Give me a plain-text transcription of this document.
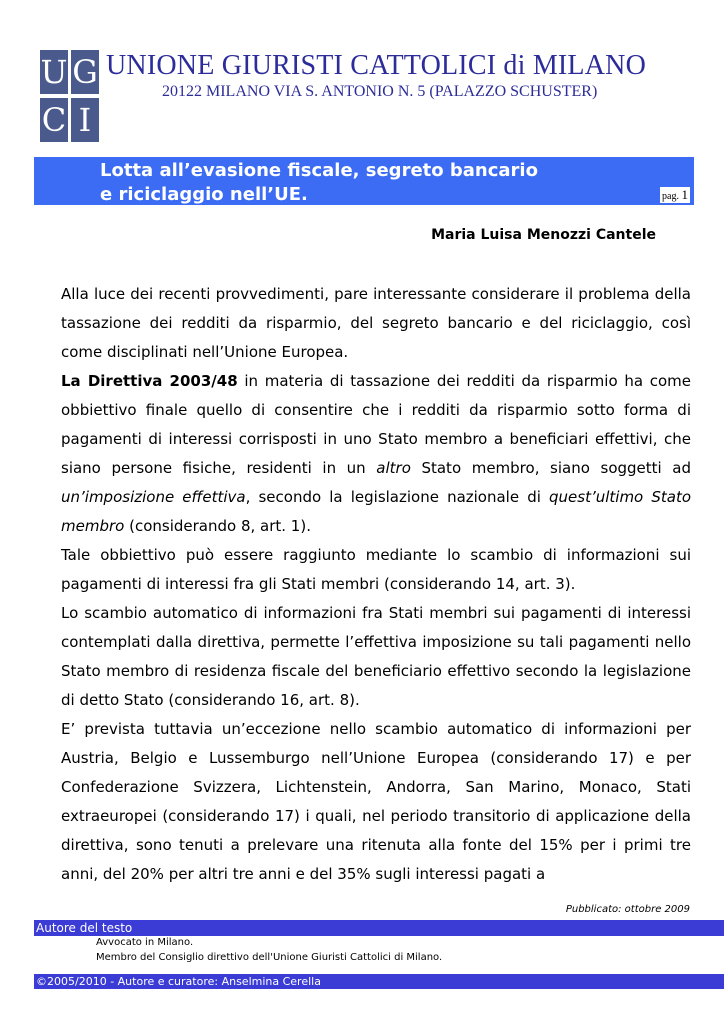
U G
C I
UNIONE GIURISTI CATTOLICI di MILANO
20122 MILANO VIA S. ANTONIO N. 5 (PALAZZO SCHUSTER)
Lotta all’evasione fiscale, segreto bancario
e riciclaggio nell’UE.	pag. 1
Maria Luisa Menozzi Cantele

Alla luce dei recenti provvedimenti, pare interessante considerare il problema della tassazione dei redditi da risparmio, del segreto bancario e del riciclaggio, così come disciplinati nell’Unione Europea.

La Direttiva 2003/48 in materia di tassazione dei redditi da risparmio ha come obbiettivo finale quello di consentire che i redditi da risparmio sotto forma di pagamenti di interessi corrisposti in uno Stato membro a beneficiari effettivi, che siano persone fisiche, residenti in un altro Stato membro, siano soggetti ad un’imposizione effettiva, secondo la legislazione nazionale di quest’ultimo Stato membro (considerando 8, art. 1).

Tale obbiettivo può essere raggiunto mediante lo scambio di informazioni sui pagamenti di interessi fra gli Stati membri (considerando 14, art. 3).

Lo scambio automatico di informazioni fra Stati membri sui pagamenti di interessi contemplati dalla direttiva, permette l’effettiva imposizione su tali pagamenti nello Stato membro di residenza fiscale del beneficiario effettivo secondo la legislazione di detto Stato (considerando 16, art. 8).

E’ prevista tuttavia un’eccezione nello scambio automatico di informazioni per Austria, Belgio e Lussemburgo nell’Unione Europea (considerando 17) e per Confederazione Svizzera, Lichtenstein, Andorra, San Marino, Monaco, Stati extraeuropei (considerando 17) i quali, nel periodo transitorio di applicazione della direttiva, sono tenuti a prelevare una ritenuta alla fonte del 15% per i primi tre anni, del 20% per altri tre anni e del 35% sugli interessi pagati a

Pubblicato: ottobre 2009
Autore del testo
Avvocato in Milano.
Membro del Consiglio direttivo dell'Unione Giuristi Cattolici di Milano.
©2005/2010 - Autore e curatore: Anselmina Cerella
